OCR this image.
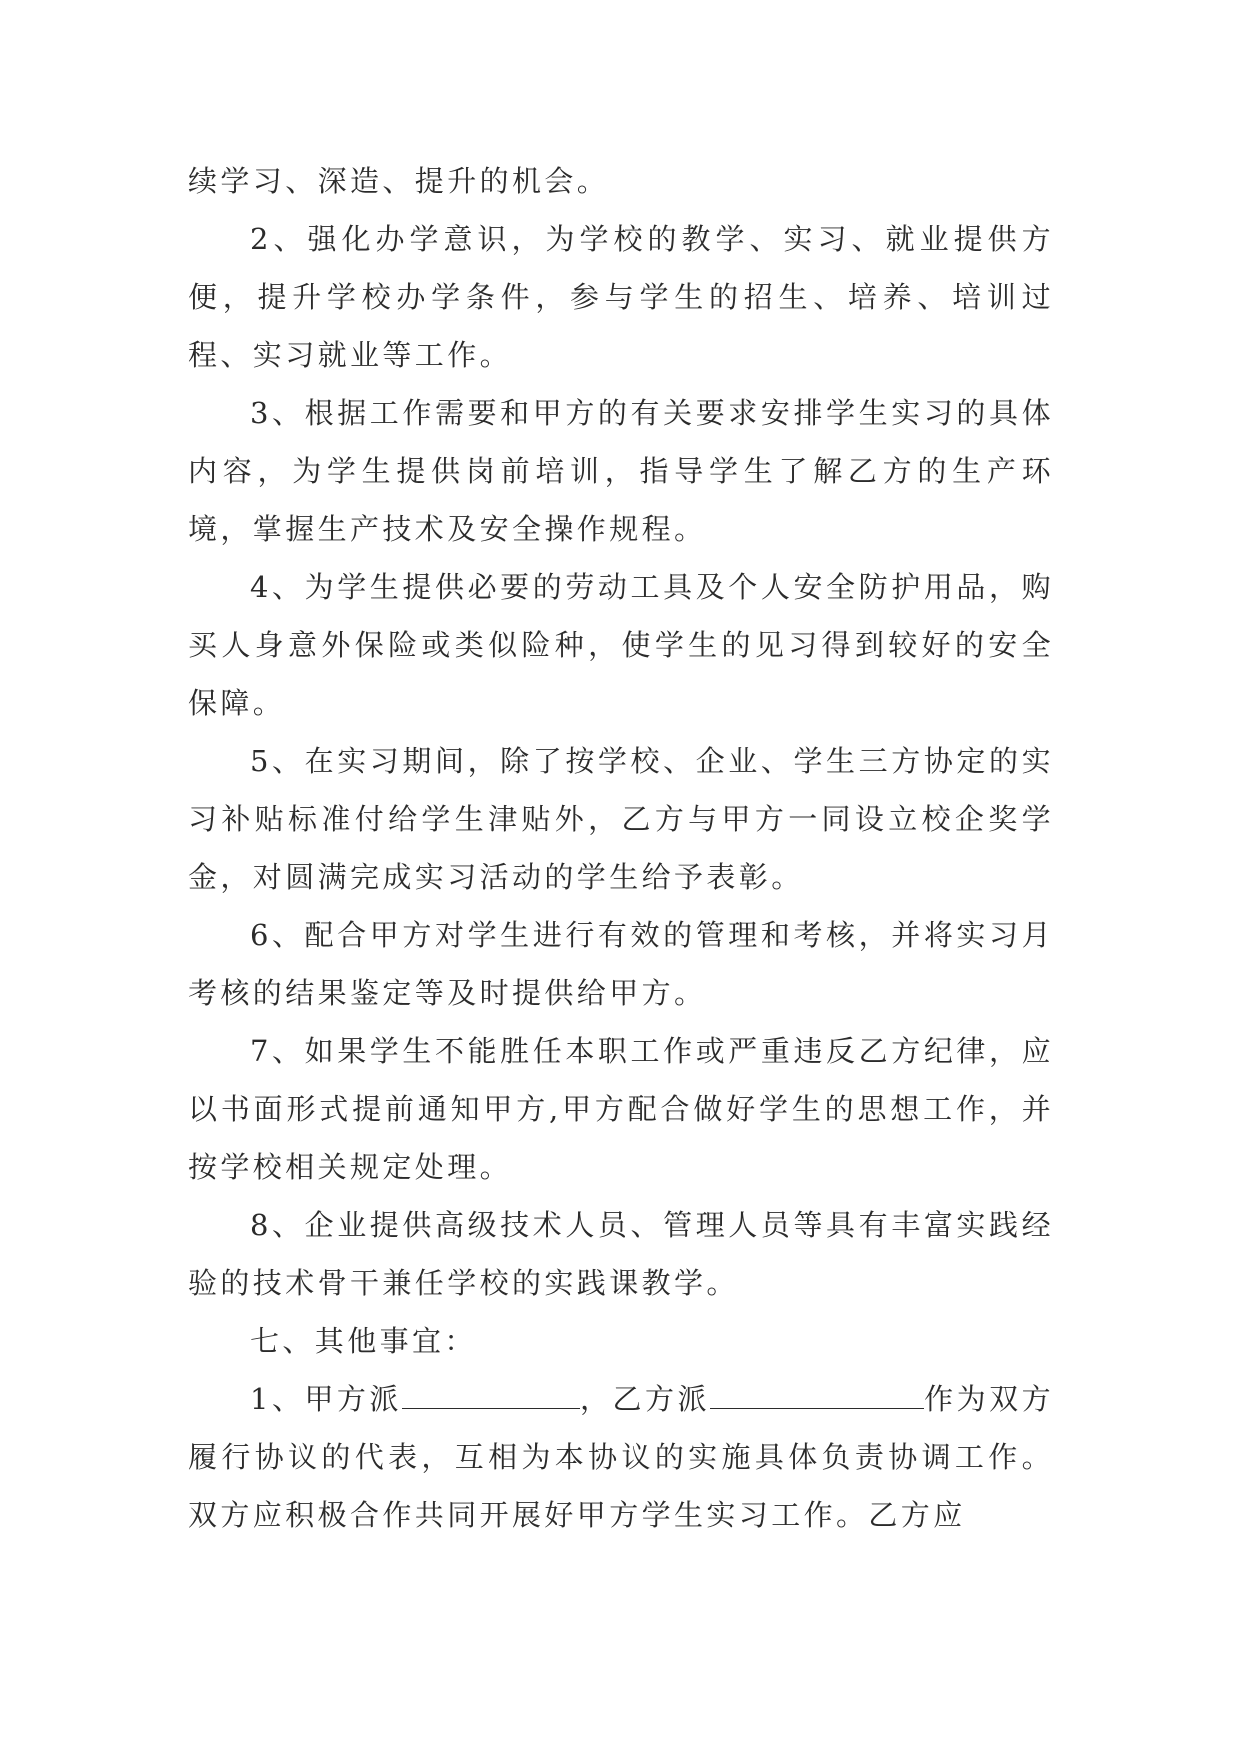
续学习、深造、提升的机会。

2、强化办学意识，为学校的教学、实习、就业提供方便，提升学校办学条件，参与学生的招生、培养、培训过程、实习就业等工作。

3、根据工作需要和甲方的有关要求安排学生实习的具体内容，为学生提供岗前培训，指导学生了解乙方的生产环境，掌握生产技术及安全操作规程。

4、为学生提供必要的劳动工具及个人安全防护用品，购买人身意外保险或类似险种，使学生的见习得到较好的安全保障。

5、在实习期间，除了按学校、企业、学生三方协定的实习补贴标准付给学生津贴外，乙方与甲方一同设立校企奖学金，对圆满完成实习活动的学生给予表彰。

6、配合甲方对学生进行有效的管理和考核，并将实习月考核的结果鉴定等及时提供给甲方。

7、如果学生不能胜任本职工作或严重违反乙方纪律，应以书面形式提前通知甲方,甲方配合做好学生的思想工作，并按学校相关规定处理。

8、企业提供高级技术人员、管理人员等具有丰富实践经验的技术骨干兼任学校的实践课教学。

七、其他事宜：

1、甲方派	，乙方派	作为双方履行协议的代表，互相为本协议的实施具体负责协调工作。双方应积极合作共同开展好甲方学生实习工作。乙方应
